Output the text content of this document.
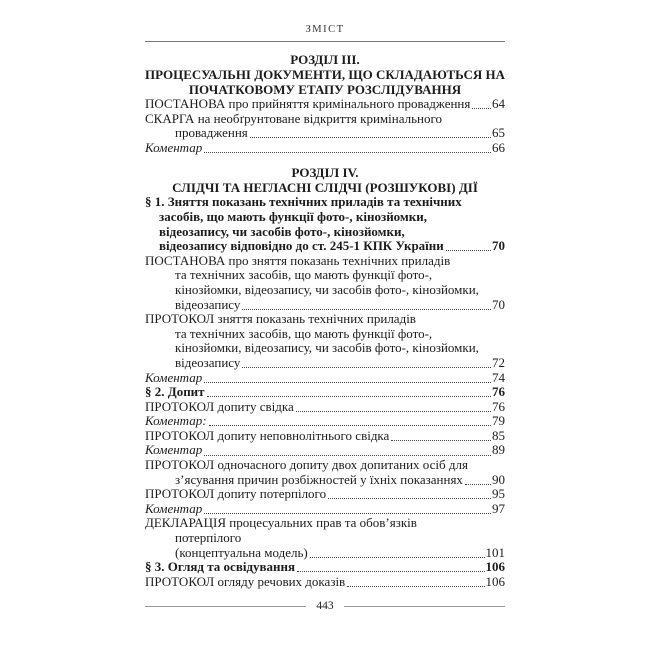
ЗМІСТ
РОЗДІЛ ІІІ.
ПРОЦЕСУАЛЬНІ ДОКУМЕНТИ, ЩО СКЛАДАЮТЬСЯ НА
ПОЧАТКОВОМУ ЕТАПУ РОЗСЛІДУВАННЯ
ПОСТАНОВА про прийняття кримінального провадження 64
СКАРГА на необґрунтоване відкриття кримінального
провадження	65
Коментар	66
РОЗДІЛ IV.
СЛІДЧІ ТА НЕГЛАСНІ СЛІДЧІ (РОЗШУКОВІ) ДІЇ
§ 1. Зняття показань технічних приладів та технічних
засобів, що мають функції фото-, кінозйомки,
відеозапису, чи засобів фото-, кінозйомки,
відеозапису відповідно до ст. 245-1 КПК України	70
ПОСТАНОВА про зняття показань технічних приладів
та технічних засобів, що мають функції фото-,
кінозйомки, відеозапису, чи засобів фото-, кінозйомки,
відеозапису	70
ПРОТОКОЛ зняття показань технічних приладів
та технічних засобів, що мають функції фото-,
кінозйомки, відеозапису, чи засобів фото-, кінозйомки,
відеозапису	72
Коментар	74
§ 2. Допит	76
ПРОТОКОЛ допиту свідка	76
Коментар:	79
ПРОТОКОЛ допиту неповнолітнього свідка	85
Коментар	89
ПРОТОКОЛ одночасного допиту двох допитаних осіб для
з’ясування причин розбіжностей у їхніх показаннях 90
ПРОТОКОЛ допиту потерпілого	95
Коментар	97
ДЕКЛАРАЦІЯ процесуальних прав та обов’язків
потерпілого
(концептуальна модель)	101
§ 3. Огляд та освідування	106
ПРОТОКОЛ огляду речових доказів	106
443
